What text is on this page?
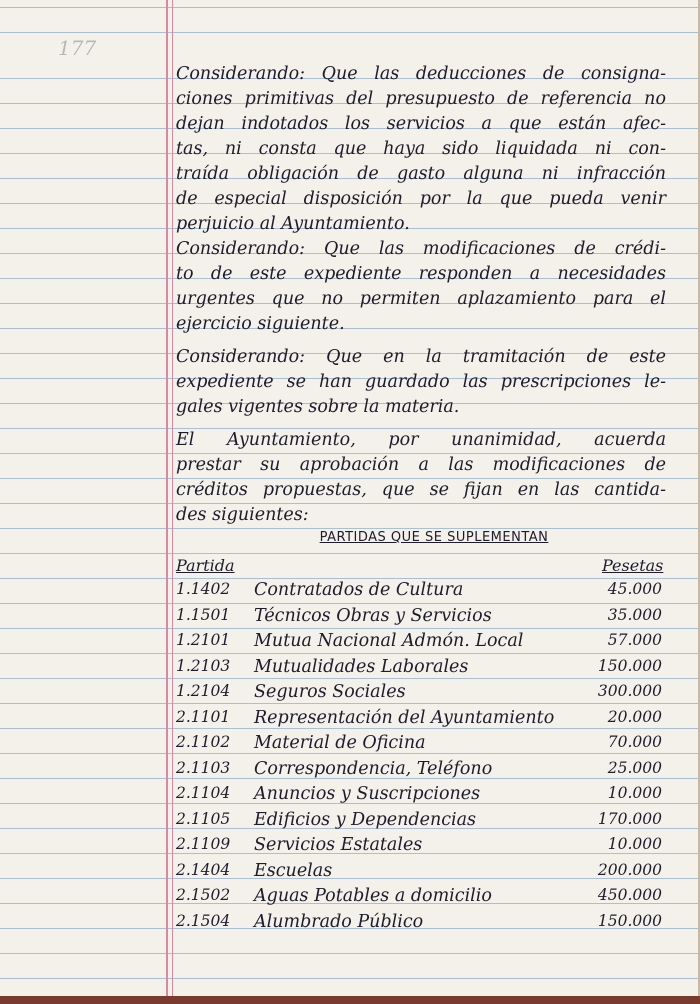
177

Considerando: Que las deducciones de consigna-

ciones primitivas del presupuesto de referencia no

dejan indotados los servicios a que están afec-

tas, ni consta que haya sido liquidada ni con-

traída obligación de gasto alguna ni infracción

de especial disposición por la que pueda venir

perjuicio al Ayuntamiento.

Considerando: Que las modificaciones de crédi-

to de este expediente responden a necesidades

urgentes que no permiten aplazamiento para el

ejercicio siguiente.

Considerando: Que en la tramitación de este

expediente se han guardado las prescripciones le-

gales vigentes sobre la materia.

El Ayuntamiento, por unanimidad, acuerda

prestar su aprobación a las modificaciones de

créditos propuestas, que se fijan en las cantida-

des siguientes:

PARTIDAS QUE SE SUPLEMENTAN
Partida	Pesetas
1.1402 Contratados de Cultura	45.000
1.1501 Técnicos Obras y Servicios	35.000
1.2101 Mutua Nacional Admón. Local	57.000
1.2103 Mutualidades Laborales	150.000
1.2104 Seguros Sociales	300.000
2.1101 Representación del Ayuntamiento	20.000
2.1102 Material de Oficina	70.000
2.1103 Correspondencia, Teléfono	25.000
2.1104 Anuncios y Suscripciones	10.000
2.1105 Edificios y Dependencias	170.000
2.1109 Servicios Estatales	10.000
2.1404 Escuelas	200.000
2.1502 Aguas Potables a domicilio	450.000
2.1504 Alumbrado Público	150.000
